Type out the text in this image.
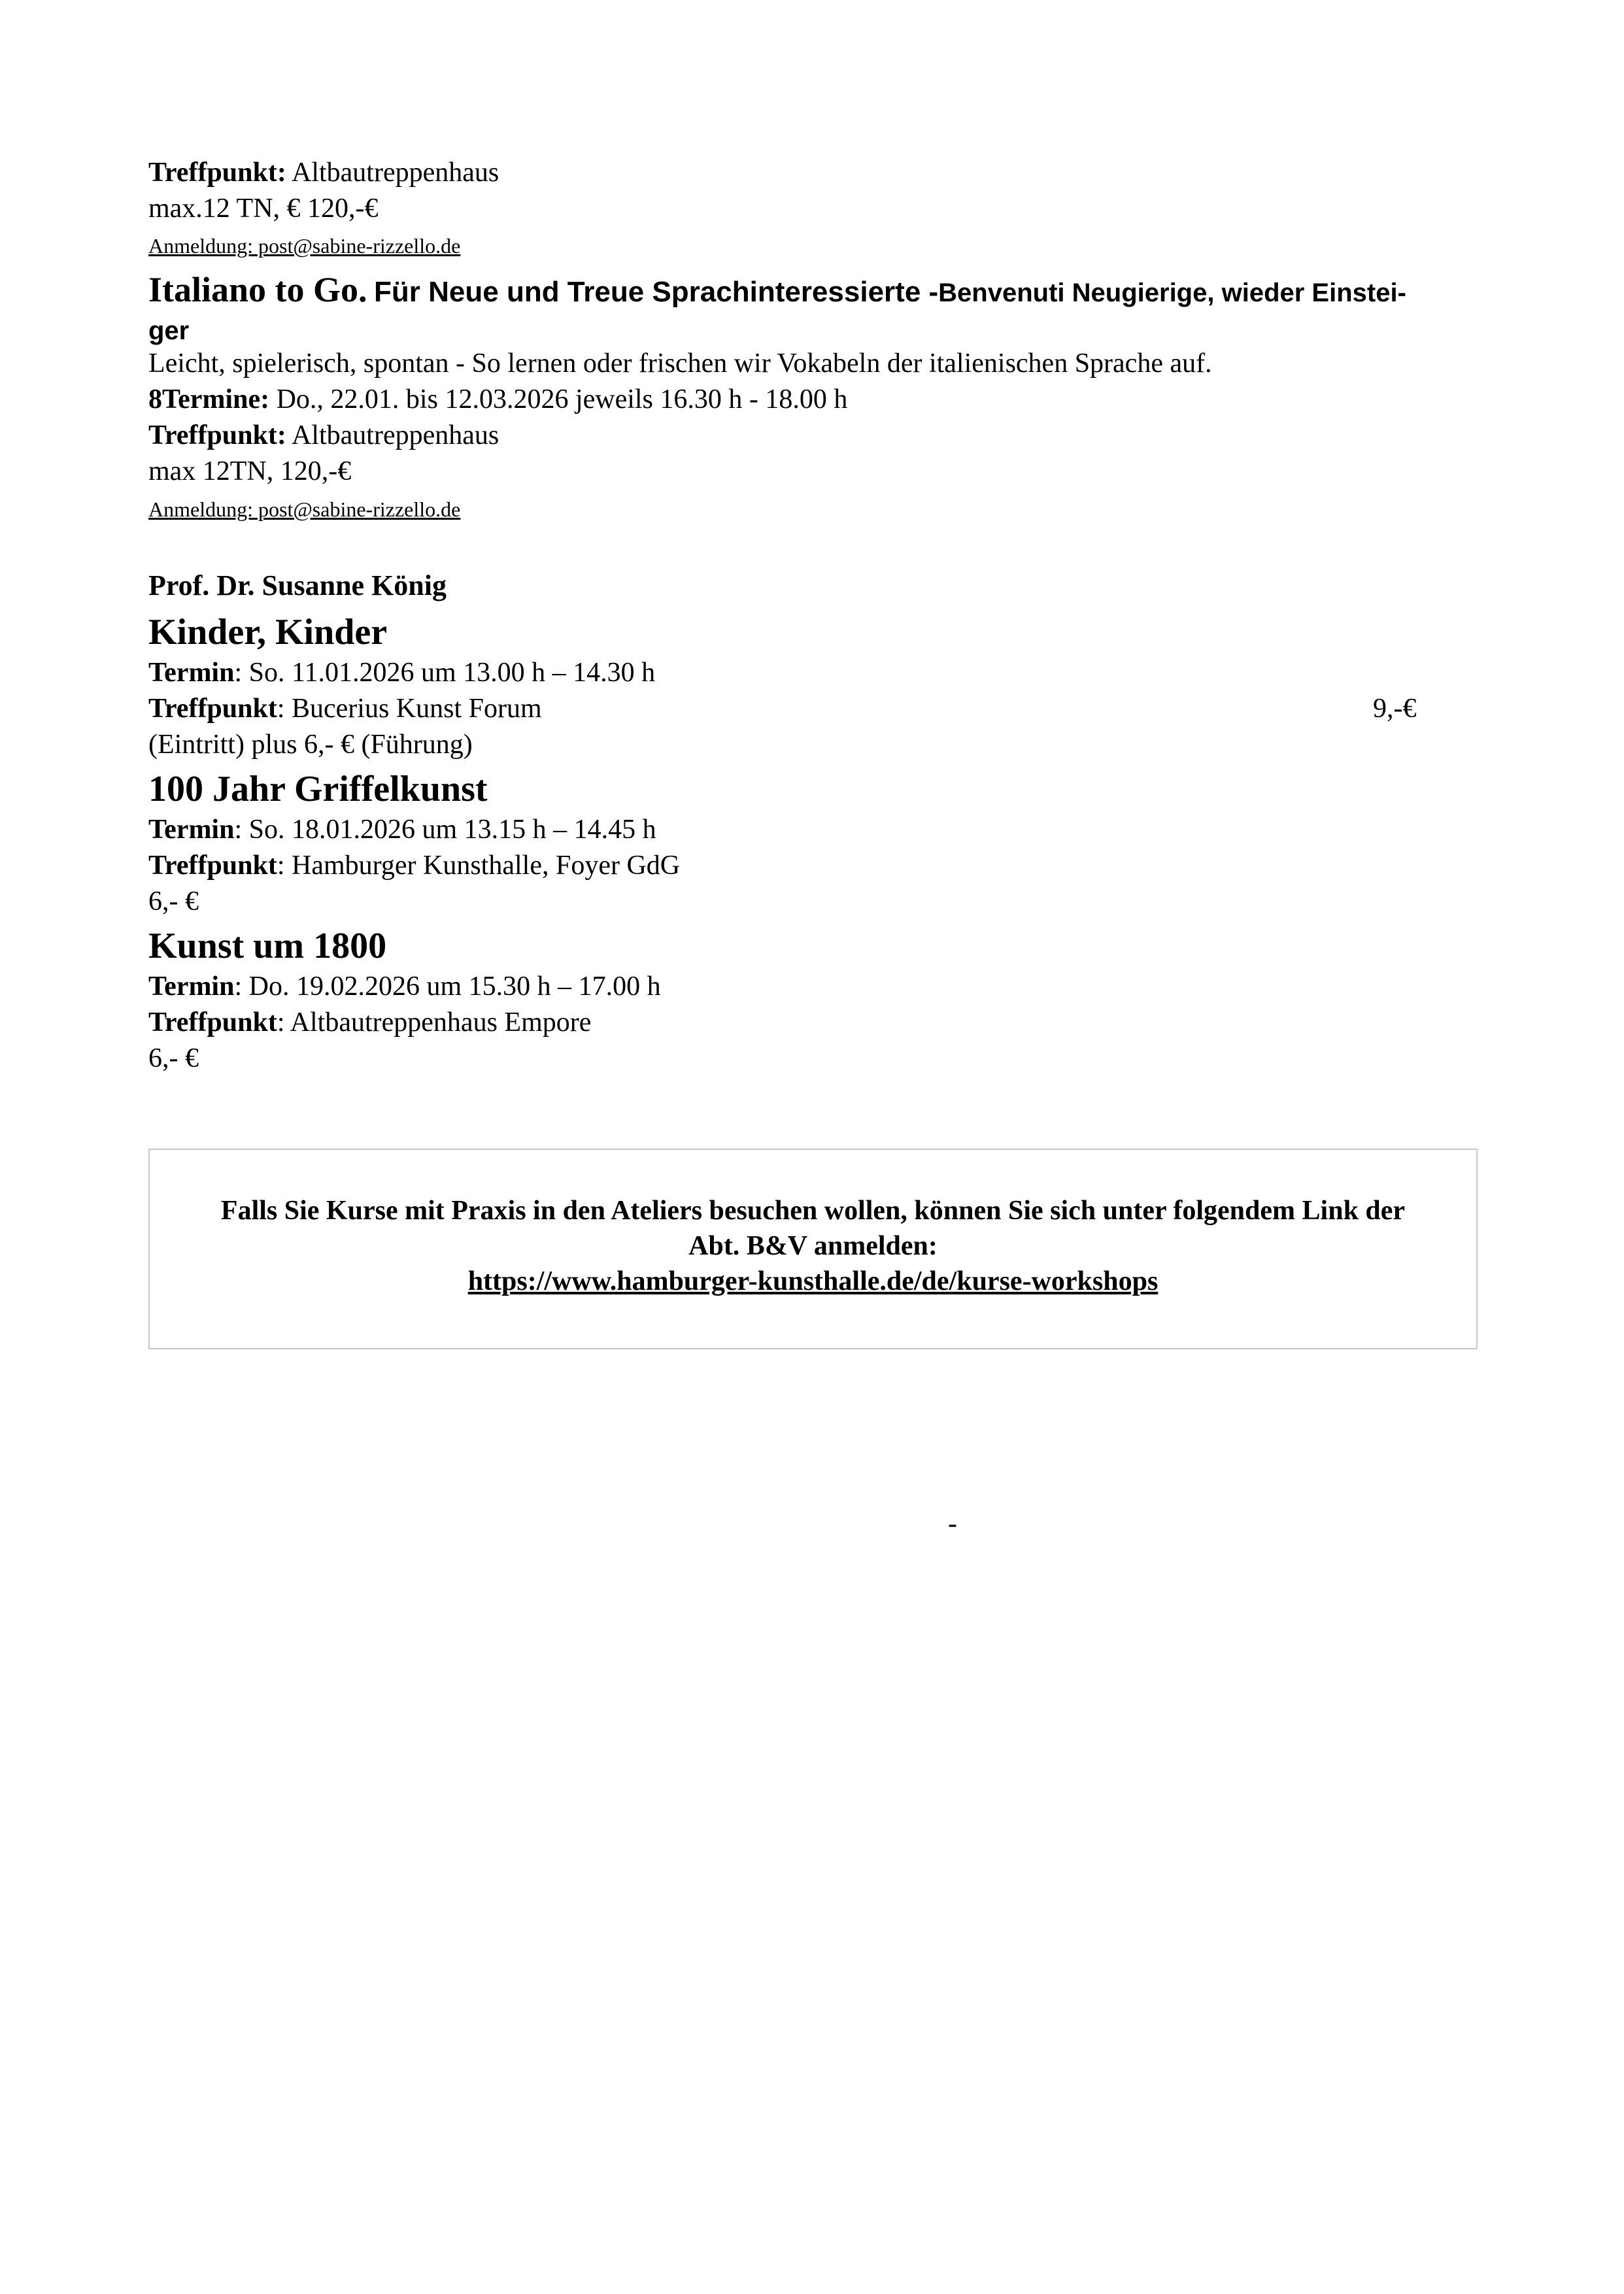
Treffpunkt: Altbautreppenhaus
max.12 TN, € 120,-€
Anmeldung: post@sabine-rizzello.de
Italiano to Go. Für Neue und Treue Sprachinteressierte -Benvenuti Neugierige, wieder Einstei-
ger
Leicht, spielerisch, spontan - So lernen oder frischen wir Vokabeln der italienischen Sprache auf.
8Termine: Do., 22.01. bis 12.03.2026 jeweils 16.30 h - 18.00 h
Treffpunkt: Altbautreppenhaus
max 12TN, 120,-€
Anmeldung: post@sabine-rizzello.de
Prof. Dr. Susanne König
Kinder, Kinder
Termin: So. 11.01.2026 um 13.00 h – 14.30 h
Treffpunkt: Bucerius Kunst Forum	9,-€
(Eintritt) plus 6,- € (Führung)
100 Jahr Griffelkunst
Termin: So. 18.01.2026 um 13.15 h – 14.45 h
Treffpunkt: Hamburger Kunsthalle, Foyer GdG
6,- €
Kunst um 1800
Termin: Do. 19.02.2026 um 15.30 h – 17.00 h
Treffpunkt: Altbautreppenhaus Empore
6,- €
Falls Sie Kurse mit Praxis in den Ateliers besuchen wollen, können Sie sich unter folgendem Link der
Abt. B&V anmelden:
https://www.hamburger-kunsthalle.de/de/kurse-workshops
-
